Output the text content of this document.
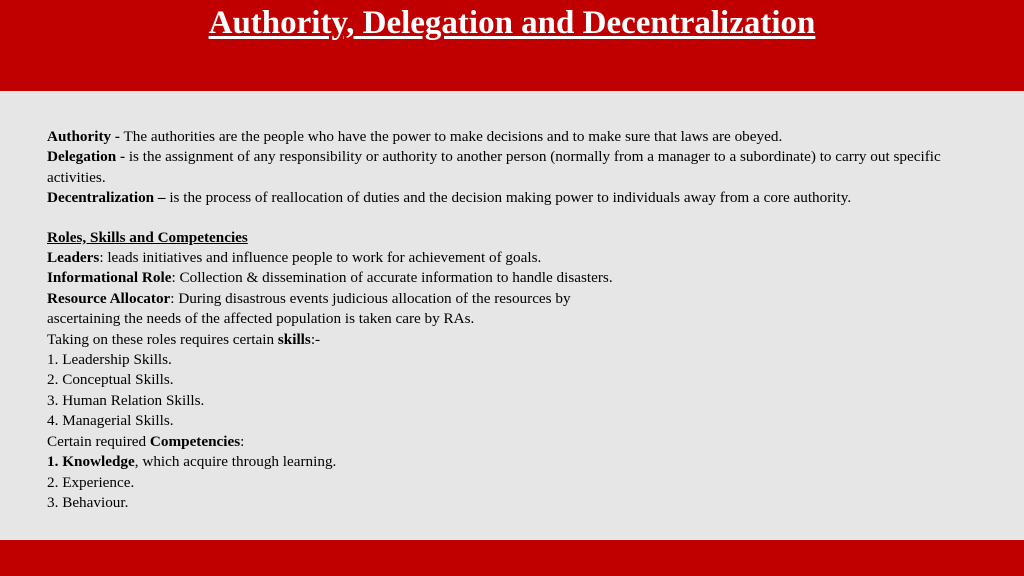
Authority, Delegation and Decentralization

Authority - The authorities are the people who have the power to make decisions and to make sure that laws are obeyed.

Delegation - is the assignment of any responsibility or authority to another person (normally from a manager to a subordinate) to carry out specific activities.

Decentralization – is the process of reallocation of duties and the decision making power to individuals away from a core authority.

Roles, Skills and Competencies

Leaders: leads initiatives and influence people to work for achievement of goals.

Informational Role: Collection & dissemination of accurate information to handle disasters.

Resource Allocator: During disastrous events judicious allocation of the resources by

ascertaining the needs of the affected population is taken care by RAs.

Taking on these roles requires certain skills:-

1. Leadership Skills.

2. Conceptual Skills.

3. Human Relation Skills.

4. Managerial Skills.

Certain required Competencies:

1. Knowledge, which acquire through learning.

2. Experience.

3. Behaviour.
